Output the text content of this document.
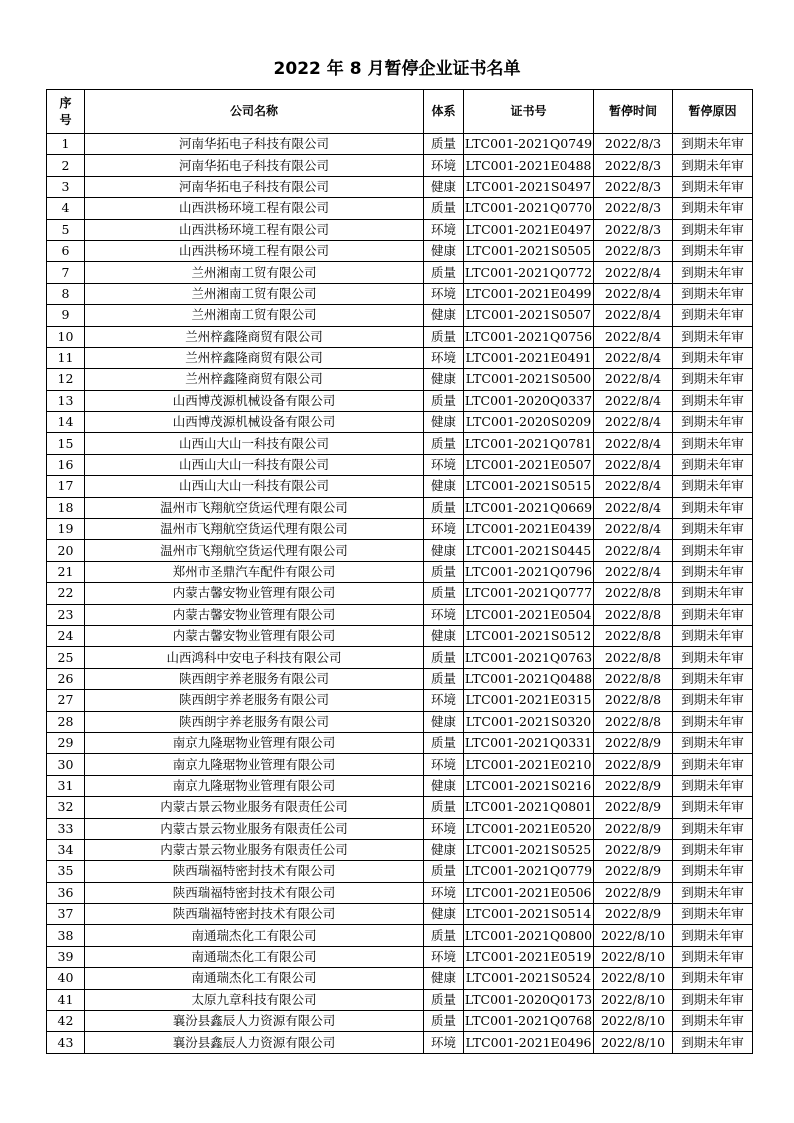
2022 年 8 月暂停企业证书名单
序号	公司名称	体系	证书号	暂停时间	暂停原因
1	河南华拓电子科技有限公司	质量	LTC001-2021Q0749	2022/8/3	到期未年审
2	河南华拓电子科技有限公司	环境	LTC001-2021E0488	2022/8/3	到期未年审
3	河南华拓电子科技有限公司	健康	LTC001-2021S0497	2022/8/3	到期未年审
4	山西洪杨环境工程有限公司	质量	LTC001-2021Q0770	2022/8/3	到期未年审
5	山西洪杨环境工程有限公司	环境	LTC001-2021E0497	2022/8/3	到期未年审
6	山西洪杨环境工程有限公司	健康	LTC001-2021S0505	2022/8/3	到期未年审
7	兰州湘南工贸有限公司	质量	LTC001-2021Q0772	2022/8/4	到期未年审
8	兰州湘南工贸有限公司	环境	LTC001-2021E0499	2022/8/4	到期未年审
9	兰州湘南工贸有限公司	健康	LTC001-2021S0507	2022/8/4	到期未年审
10	兰州梓鑫隆商贸有限公司	质量	LTC001-2021Q0756	2022/8/4	到期未年审
11	兰州梓鑫隆商贸有限公司	环境	LTC001-2021E0491	2022/8/4	到期未年审
12	兰州梓鑫隆商贸有限公司	健康	LTC001-2021S0500	2022/8/4	到期未年审
13	山西博茂源机械设备有限公司	质量	LTC001-2020Q0337	2022/8/4	到期未年审
14	山西博茂源机械设备有限公司	健康	LTC001-2020S0209	2022/8/4	到期未年审
15	山西山大山一科技有限公司	质量	LTC001-2021Q0781	2022/8/4	到期未年审
16	山西山大山一科技有限公司	环境	LTC001-2021E0507	2022/8/4	到期未年审
17	山西山大山一科技有限公司	健康	LTC001-2021S0515	2022/8/4	到期未年审
18	温州市飞翔航空货运代理有限公司	质量	LTC001-2021Q0669	2022/8/4	到期未年审
19	温州市飞翔航空货运代理有限公司	环境	LTC001-2021E0439	2022/8/4	到期未年审
20	温州市飞翔航空货运代理有限公司	健康	LTC001-2021S0445	2022/8/4	到期未年审
21	郑州市圣鼎汽车配件有限公司	质量	LTC001-2021Q0796	2022/8/4	到期未年审
22	内蒙古馨安物业管理有限公司	质量	LTC001-2021Q0777	2022/8/8	到期未年审
23	内蒙古馨安物业管理有限公司	环境	LTC001-2021E0504	2022/8/8	到期未年审
24	内蒙古馨安物业管理有限公司	健康	LTC001-2021S0512	2022/8/8	到期未年审
25	山西鸿科中安电子科技有限公司	质量	LTC001-2021Q0763	2022/8/8	到期未年审
26	陕西朗宇养老服务有限公司	质量	LTC001-2021Q0488	2022/8/8	到期未年审
27	陕西朗宇养老服务有限公司	环境	LTC001-2021E0315	2022/8/8	到期未年审
28	陕西朗宇养老服务有限公司	健康	LTC001-2021S0320	2022/8/8	到期未年审
29	南京九隆琚物业管理有限公司	质量	LTC001-2021Q0331	2022/8/9	到期未年审
30	南京九隆琚物业管理有限公司	环境	LTC001-2021E0210	2022/8/9	到期未年审
31	南京九隆琚物业管理有限公司	健康	LTC001-2021S0216	2022/8/9	到期未年审
32	内蒙古景云物业服务有限责任公司	质量	LTC001-2021Q0801	2022/8/9	到期未年审
33	内蒙古景云物业服务有限责任公司	环境	LTC001-2021E0520	2022/8/9	到期未年审
34	内蒙古景云物业服务有限责任公司	健康	LTC001-2021S0525	2022/8/9	到期未年审
35	陕西瑞福特密封技术有限公司	质量	LTC001-2021Q0779	2022/8/9	到期未年审
36	陕西瑞福特密封技术有限公司	环境	LTC001-2021E0506	2022/8/9	到期未年审
37	陕西瑞福特密封技术有限公司	健康	LTC001-2021S0514	2022/8/9	到期未年审
38	南通瑞杰化工有限公司	质量	LTC001-2021Q0800	2022/8/10	到期未年审
39	南通瑞杰化工有限公司	环境	LTC001-2021E0519	2022/8/10	到期未年审
40	南通瑞杰化工有限公司	健康	LTC001-2021S0524	2022/8/10	到期未年审
41	太原九章科技有限公司	质量	LTC001-2020Q0173	2022/8/10	到期未年审
42	襄汾县鑫辰人力资源有限公司	质量	LTC001-2021Q0768	2022/8/10	到期未年审
43	襄汾县鑫辰人力资源有限公司	环境	LTC001-2021E0496	2022/8/10	到期未年审
